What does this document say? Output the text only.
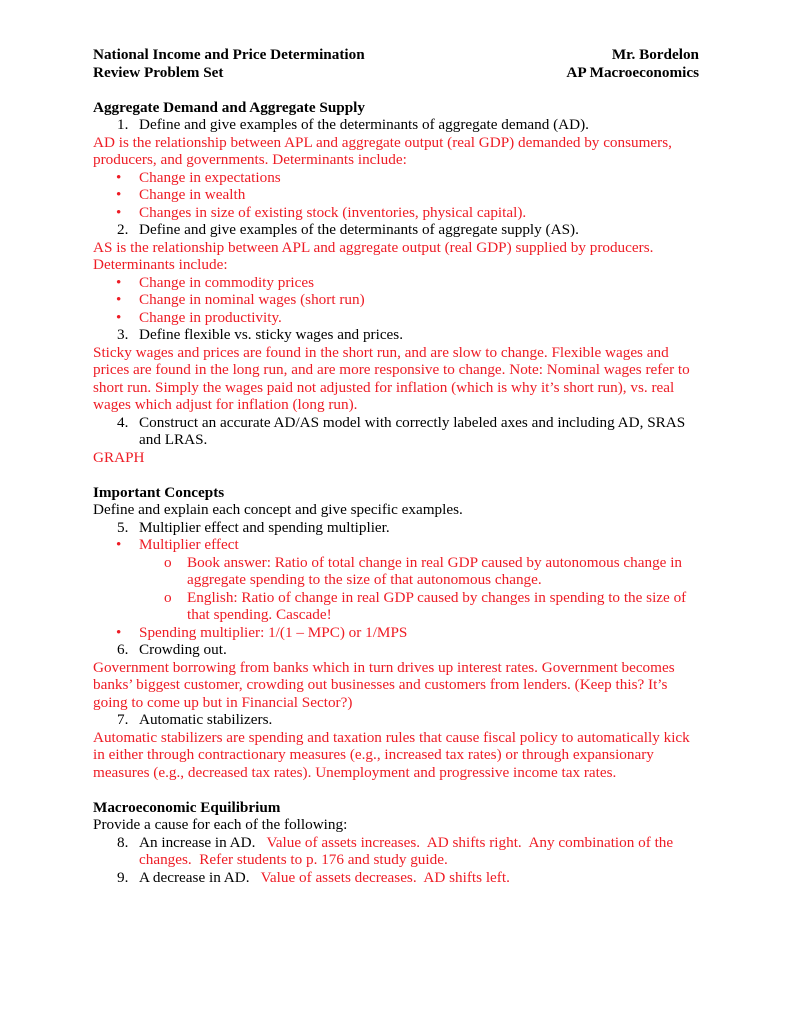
National Income and Price Determination	Mr. Bordelon
Review Problem Set	AP Macroeconomics
Aggregate Demand and Aggregate Supply
1. Define and give examples of the determinants of aggregate demand (AD).
AD is the relationship between APL and aggregate output (real GDP) demanded by consumers, producers, and governments. Determinants include:
• Change in expectations
• Change in wealth
• Changes in size of existing stock (inventories, physical capital).
2. Define and give examples of the determinants of aggregate supply (AS).
AS is the relationship between APL and aggregate output (real GDP) supplied by producers. Determinants include:
• Change in commodity prices
• Change in nominal wages (short run)
• Change in productivity.
3. Define flexible vs. sticky wages and prices.
Sticky wages and prices are found in the short run, and are slow to change. Flexible wages and prices are found in the long run, and are more responsive to change. Note: Nominal wages refer to short run. Simply the wages paid not adjusted for inflation (which is why it’s short run), vs. real wages which adjust for inflation (long run).
4. Construct an accurate AD/AS model with correctly labeled axes and including AD, SRAS and LRAS.
GRAPH
Important Concepts
Define and explain each concept and give specific examples.
5. Multiplier effect and spending multiplier.
• Multiplier effect
o Book answer: Ratio of total change in real GDP caused by autonomous change in aggregate spending to the size of that autonomous change.
o English: Ratio of change in real GDP caused by changes in spending to the size of that spending. Cascade!
• Spending multiplier: 1/(1 – MPC) or 1/MPS
6. Crowding out.
Government borrowing from banks which in turn drives up interest rates. Government becomes banks’ biggest customer, crowding out businesses and customers from lenders. (Keep this? It’s going to come up but in Financial Sector?)
7. Automatic stabilizers.
Automatic stabilizers are spending and taxation rules that cause fiscal policy to automatically kick in either through contractionary measures (e.g., increased tax rates) or through expansionary measures (e.g., decreased tax rates). Unemployment and progressive income tax rates.
Macroeconomic Equilibrium
Provide a cause for each of the following:
8. An increase in AD.   Value of assets increases.  AD shifts right.  Any combination of the changes.  Refer students to p. 176 and study guide.
9. A decrease in AD.   Value of assets decreases.  AD shifts left.
